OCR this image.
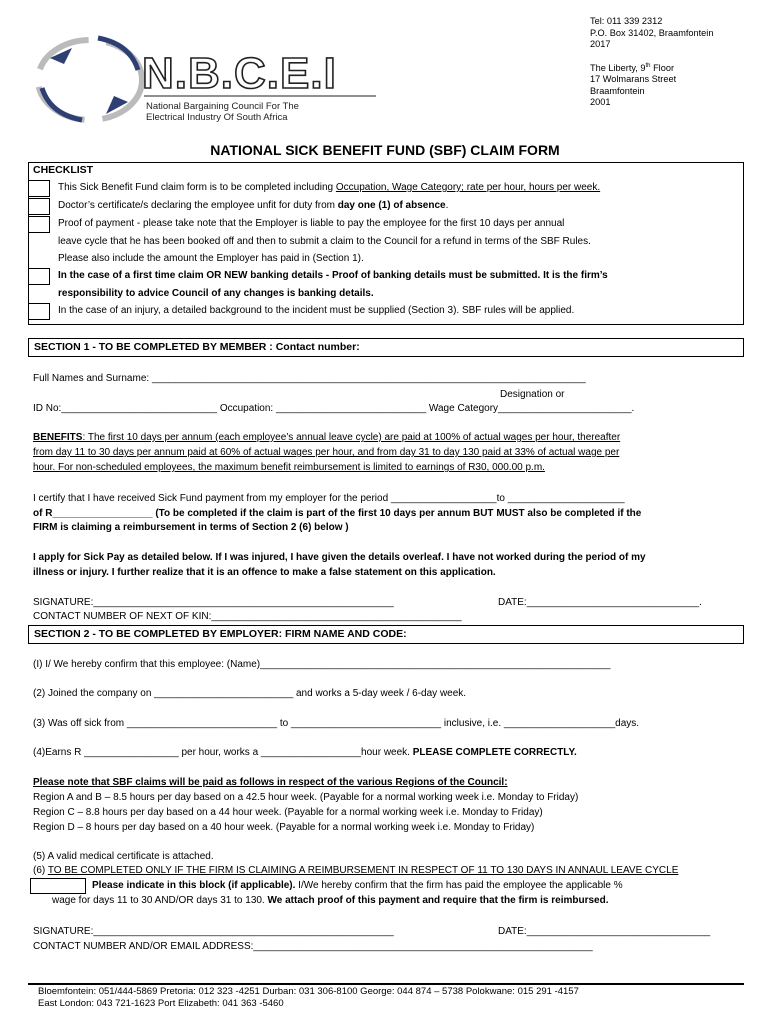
N.B.C.E.I
National Bargaining Council For The
Electrical Industry Of South Africa
Tel: 011 339 2312
P.O. Box 31402, Braamfontein
2017
The Liberty, 9th Floor
17 Wolmarans Street
Braamfontein
2001
NATIONAL SICK BENEFIT FUND (SBF) CLAIM FORM
CHECKLIST
This Sick Benefit Fund claim form is to be completed including Occupation, Wage Category; rate per hour, hours per week.
Doctor’s certificate/s declaring the employee unfit for duty from day one (1) of absence.
Proof of payment - please take note that the Employer is liable to pay the employee for the first 10 days per annual
leave cycle that he has been booked off and then to submit a claim to the Council for a refund in terms of the SBF Rules.
Please also include the amount the Employer has paid in (Section 1).
In the case of a first time claim OR NEW banking details - Proof of banking details must be submitted. It is the firm’s
responsibility to advice Council of any changes is banking details.
In the case of an injury, a detailed background to the incident must be supplied (Section 3). SBF rules will be applied.
SECTION 1 - TO BE COMPLETED BY MEMBER : Contact number:
Full Names and Surname: ______________________________________________________________________________
Designation or
ID No:____________________________ Occupation: ___________________________ Wage Category________________________.
BENEFITS: The first 10 days per annum (each employee’s annual leave cycle) are paid at 100% of actual wages per hour, thereafter
from day 11 to 30 days per annum paid at 60% of actual wages per hour, and from day 31 to day 130 paid at 33% of actual wage per
hour. For non-scheduled employees, the maximum benefit reimbursement is limited to earnings of R30, 000.00 p.m.
I certify that I have received Sick Fund payment from my employer for the period ___________________to _____________________
of R__________________ (To be completed if the claim is part of the first 10 days per annum BUT MUST also be completed if the
FIRM is claiming a reimbursement in terms of Section 2 (6) below )
I apply for Sick Pay as detailed below. If I was injured, I have given the details overleaf. I have not worked during the period of my
illness or injury. I further realize that it is an offence to make a false statement on this application.
SIGNATURE:______________________________________________________	DATE:_______________________________.
CONTACT NUMBER OF NEXT OF KIN:_____________________________________________
SECTION 2 - TO BE COMPLETED BY EMPLOYER: FIRM NAME AND CODE:
(I) I/ We hereby confirm that this employee: (Name)_______________________________________________________________
(2) Joined the company on _________________________ and works a 5-day week / 6-day week.
(3) Was off sick from ___________________________ to ___________________________ inclusive, i.e. ____________________days.
(4)Earns R _________________ per hour, works a __________________hour week. PLEASE COMPLETE CORRECTLY.
Please note that SBF claims will be paid as follows in respect of the various Regions of the Council:
Region A and B – 8.5 hours per day based on a 42.5 hour week. (Payable for a normal working week i.e. Monday to Friday)
Region C – 8.8 hours per day based on a 44 hour week. (Payable for a normal working week i.e. Monday to Friday)
Region D – 8 hours per day based on a 40 hour week. (Payable for a normal working week i.e. Monday to Friday)
(5) A valid medical certificate is attached.
(6) TO BE COMPLETED ONLY IF THE FIRM IS CLAIMING A REIMBURSEMENT IN RESPECT OF 11 TO 130 DAYS IN ANNAUL LEAVE CYCLE
Please indicate in this block (if applicable). I/We hereby confirm that the firm has paid the employee the applicable %
wage for days 11 to 30 AND/OR days 31 to 130. We attach proof of this payment and require that the firm is reimbursed.
SIGNATURE:______________________________________________________	DATE:_________________________________
CONTACT NUMBER AND/OR EMAIL ADDRESS:_____________________________________________________________
Bloemfontein: 051/444-5869 Pretoria: 012 323 -4251 Durban: 031 306-8100 George: 044 874 – 5738 Polokwane: 015 291 -4157
East London: 043 721-1623 Port Elizabeth: 041 363 -5460
